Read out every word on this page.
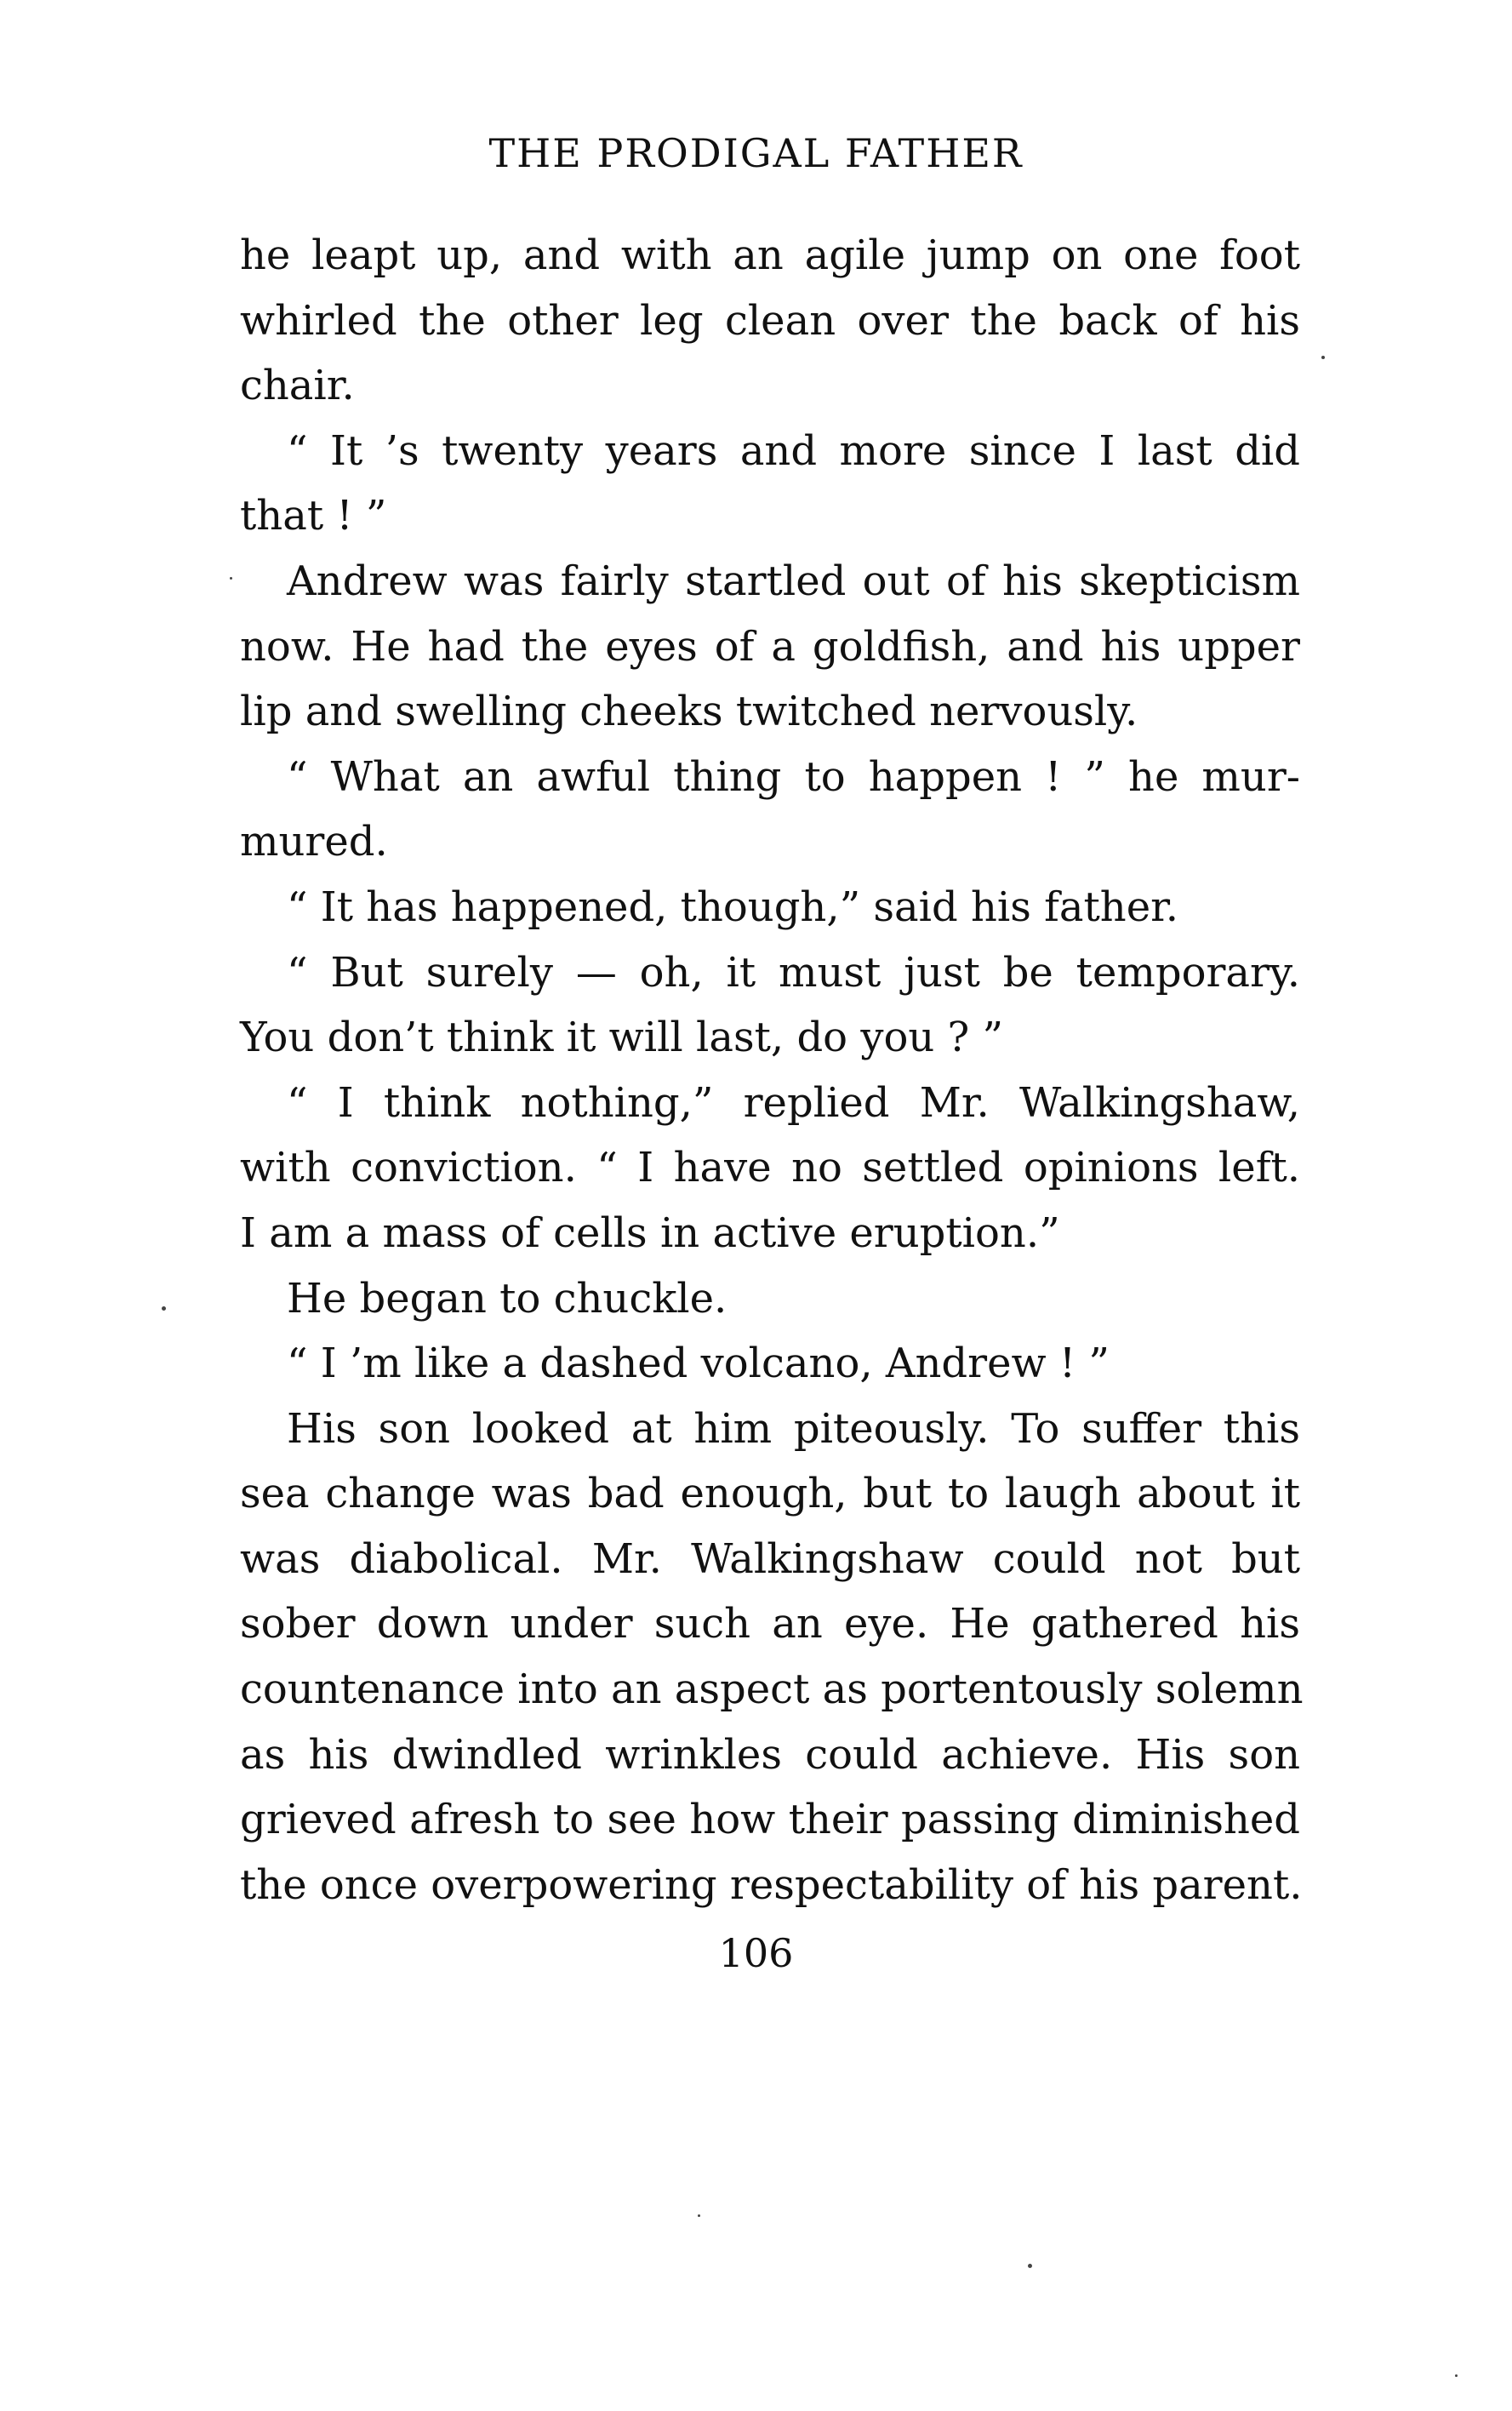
THE PRODIGAL FATHER
he leapt up, and with an agile jump on one foot
whirled the other leg clean over the back of his
chair.
“ It ’s twenty years and more since I last did
that ! ”
Andrew was fairly startled out of his skepticism
now. He had the eyes of a goldfish, and his upper
lip and swelling cheeks twitched nervously.
“ What an awful thing to happen ! ” he mur-
mured.
“ It has happened, though,” said his father.
“ But surely — oh, it must just be temporary.
You don’t think it will last, do you ? ”
“ I think nothing,” replied Mr. Walkingshaw,
with conviction. “ I have no settled opinions left.
I am a mass of cells in active eruption.”
He began to chuckle.
“ I ’m like a dashed volcano, Andrew ! ”
His son looked at him piteously. To suffer this
sea change was bad enough, but to laugh about it
was diabolical. Mr. Walkingshaw could not but
sober down under such an eye. He gathered his
countenance into an aspect as portentously solemn
as his dwindled wrinkles could achieve. His son
grieved afresh to see how their passing diminished
the once overpowering respectability of his parent.
106
